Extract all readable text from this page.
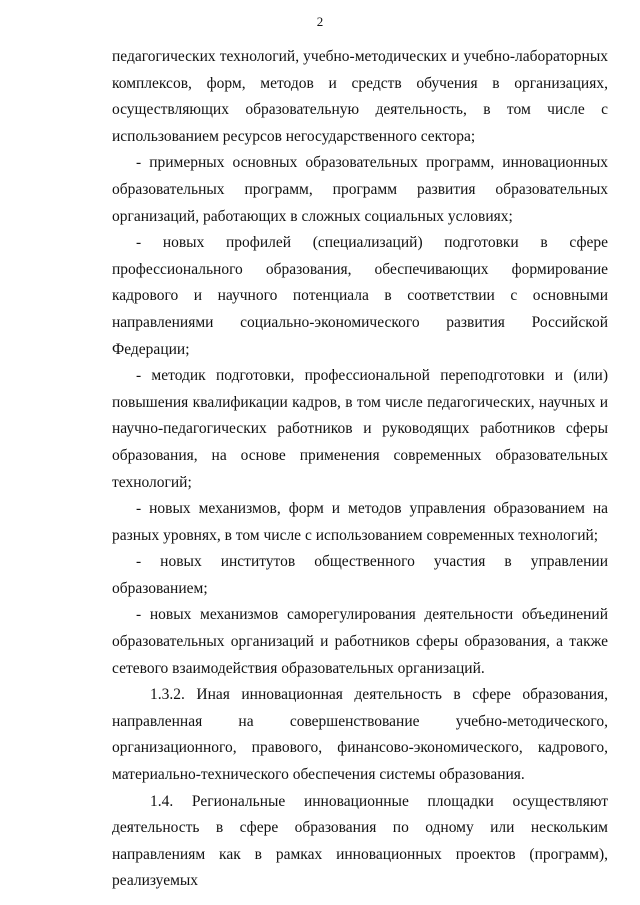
2

педагогических технологий, учебно-методических и учебно-лабораторных комплексов, форм, методов и средств обучения в организациях, осуществляющих образовательную деятельность, в том числе с использованием ресурсов негосударственного сектора;

- примерных основных образовательных программ, инновационных образовательных программ, программ развития образовательных организаций, работающих в сложных социальных условиях;

- новых профилей (специализаций) подготовки в сфере профессионального образования, обеспечивающих формирование кадрового и научного потенциала в соответствии с основными направлениями социально-экономического развития Российской Федерации;

- методик подготовки, профессиональной переподготовки и (или) повышения квалификации кадров, в том числе педагогических, научных и научно-педагогических работников и руководящих работников сферы образования, на основе применения современных образовательных технологий;

- новых механизмов, форм и методов управления образованием на разных уровнях, в том числе с использованием современных технологий;

- новых институтов общественного участия в управлении образованием;

- новых механизмов саморегулирования деятельности объединений образовательных организаций и работников сферы образования, а также сетевого взаимодействия образовательных организаций.

1.3.2. Иная инновационная деятельность в сфере образования, направленная на совершенствование учебно-методического, организационного, правового, финансово-экономического, кадрового, материально-технического обеспечения системы образования.

1.4. Региональные инновационные площадки осуществляют деятельность в сфере образования по одному или нескольким направлениям как в рамках инновационных проектов (программ), реализуемых
